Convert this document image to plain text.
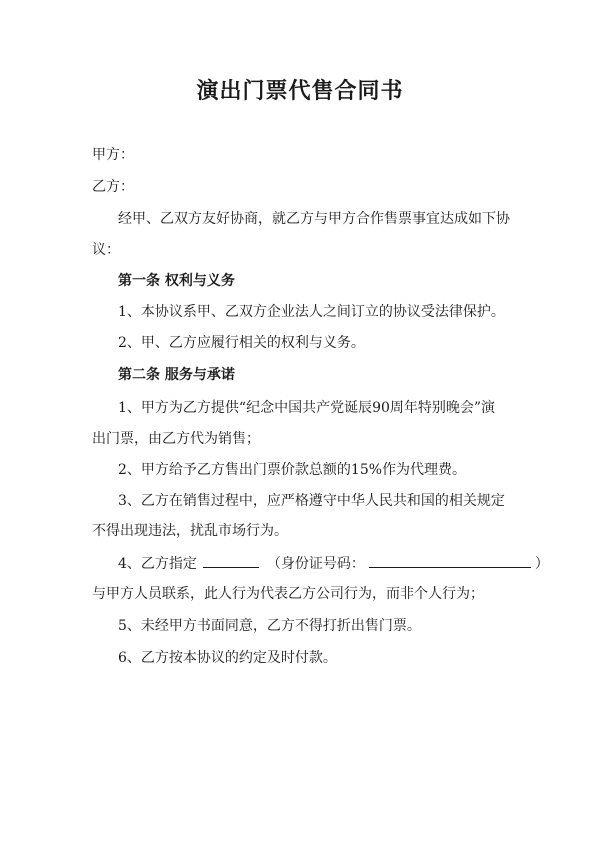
演出门票代售合同书
甲方：
乙方：
经甲、乙双方友好协商，就乙方与甲方合作售票事宜达成如下协
议：
第一条 权利与义务
1、本协议系甲、乙双方企业法人之间订立的协议受法律保护。
2、甲、乙方应履行相关的权利与义务。
第二条 服务与承诺
1、甲方为乙方提供“纪念中国共产党诞辰90周年特别晚会”演
出门票，由乙方代为销售；
2、甲方给予乙方售出门票价款总额的15%作为代理费。
3、乙方在销售过程中，应严格遵守中华人民共和国的相关规定
不得出现违法，扰乱市场行为。
4、乙方指定	（身份证号码：	）
与甲方人员联系，此人行为代表乙方公司行为，而非个人行为；
5、未经甲方书面同意，乙方不得打折出售门票。
6、乙方按本协议的约定及时付款。
